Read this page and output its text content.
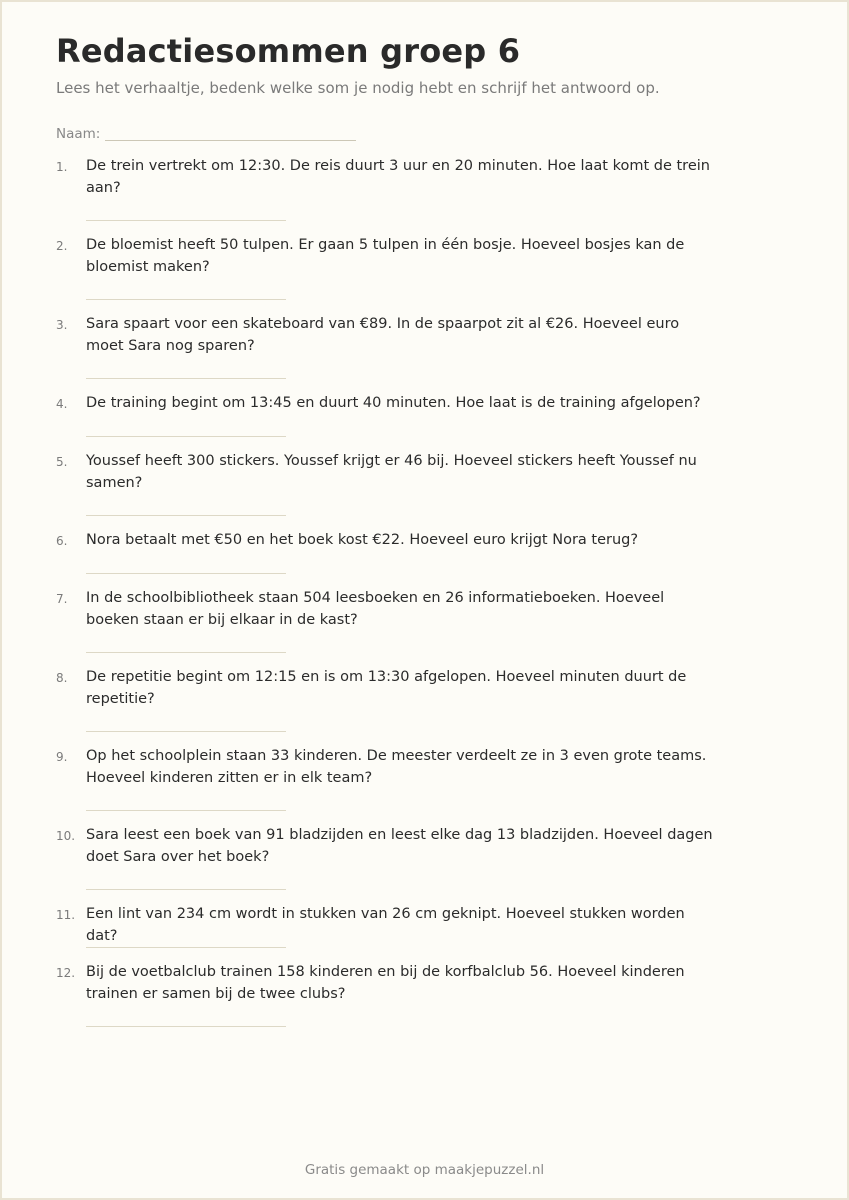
Redactiesommen groep 6

Lees het verhaaltje, bedenk welke som je nodig hebt en schrijf het antwoord op.

Naam:
1. De trein vertrekt om 12:30. De reis duurt 3 uur en 20 minuten. Hoe laat komt de trein aan?
2. De bloemist heeft 50 tulpen. Er gaan 5 tulpen in één bosje. Hoeveel bosjes kan de bloemist maken?
3. Sara spaart voor een skateboard van €89. In de spaarpot zit al €26. Hoeveel euro moet Sara nog sparen?
4. De training begint om 13:45 en duurt 40 minuten. Hoe laat is de training afgelopen?
5. Youssef heeft 300 stickers. Youssef krijgt er 46 bij. Hoeveel stickers heeft Youssef nu samen?
6. Nora betaalt met €50 en het boek kost €22. Hoeveel euro krijgt Nora terug?
7. In de schoolbibliotheek staan 504 leesboeken en 26 informatieboeken. Hoeveel boeken staan er bij elkaar in de kast?
8. De repetitie begint om 12:15 en is om 13:30 afgelopen. Hoeveel minuten duurt de repetitie?
9. Op het schoolplein staan 33 kinderen. De meester verdeelt ze in 3 even grote teams. Hoeveel kinderen zitten er in elk team?
10. Sara leest een boek van 91 bladzijden en leest elke dag 13 bladzijden. Hoeveel dagen doet Sara over het boek?
11. Een lint van 234 cm wordt in stukken van 26 cm geknipt. Hoeveel stukken worden dat?
12. Bij de voetbalclub trainen 158 kinderen en bij de korfbalclub 56. Hoeveel kinderen trainen er samen bij de twee clubs?
Gratis gemaakt op maakjepuzzel.nl
